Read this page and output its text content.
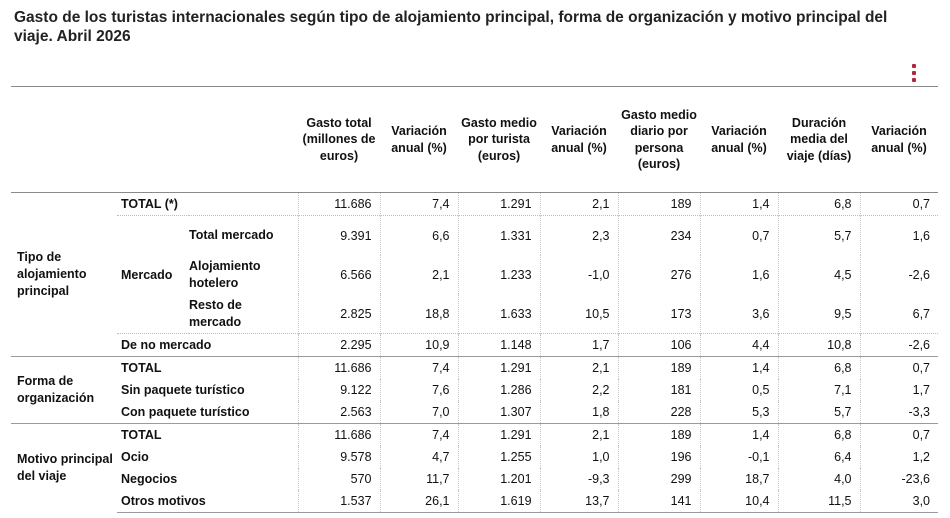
Gasto de los turistas internacionales según tipo de alojamiento principal, forma de organización y motivo principal del viaje. Abril 2026
			Gasto total (millones de euros)	Variación anual (%)	Gasto medio por turista (euros)	Variación anual (%)	Gasto medio diario por persona (euros)	Variación anual (%)	Duración media del viaje (días)	Variación anual (%)
Tipo de alojamiento principal	TOTAL (*)		11.686	7,4	1.291	2,1	189	1,4	6,8	0,7
	Mercado	Total mercado	9.391	6,6	1.331	2,3	234	0,7	5,7	1,6
		Alojamiento hotelero	6.566	2,1	1.233	-1,0	276	1,6	4,5	-2,6
		Resto de mercado	2.825	18,8	1.633	10,5	173	3,6	9,5	6,7
	De no mercado		2.295	10,9	1.148	1,7	106	4,4	10,8	-2,6
Forma de organización	TOTAL		11.686	7,4	1.291	2,1	189	1,4	6,8	0,7
	Sin paquete turístico		9.122	7,6	1.286	2,2	181	0,5	7,1	1,7
	Con paquete turístico		2.563	7,0	1.307	1,8	228	5,3	5,7	-3,3
Motivo principal del viaje	TOTAL		11.686	7,4	1.291	2,1	189	1,4	6,8	0,7
	Ocio		9.578	4,7	1.255	1,0	196	-0,1	6,4	1,2
	Negocios		570	11,7	1.201	-9,3	299	18,7	4,0	-23,6
	Otros motivos		1.537	26,1	1.619	13,7	141	10,4	11,5	3,0
